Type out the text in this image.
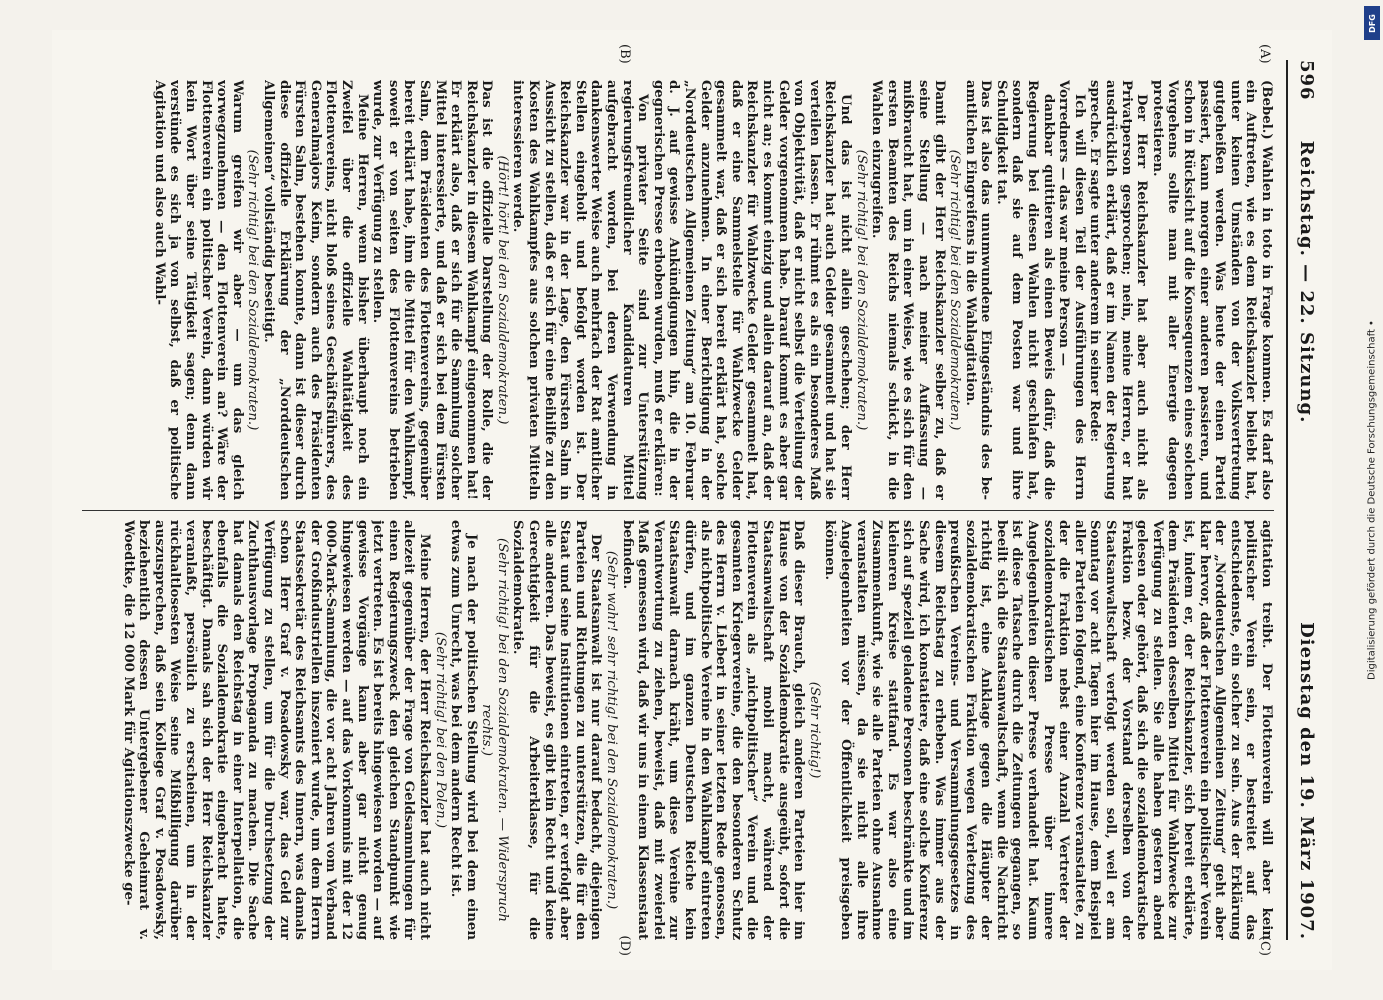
596
Reichstag. — 22. Sitzung.
Dienstag den 19. März 1907.
(A)
(B)
(C)
(D)

(Bebel.) Wahlen in toto in Frage kommen. Es darf also ein Auftreten, wie es dem Reichskanzler beliebt hat, unter keinen Umständen von der Volksvertretung gutgeheißen werden. Was heute der einen Partei passiert, kann morgen einer anderen passieren, und schon in Rücksicht auf die Konsequenzen eines solchen Vorgehens sollte man mit aller Energie dagegen protestieren.

Der Herr Reichskanzler hat aber auch nicht als Privatperson gesprochen; nein, meine Herren, er hat ausdrücklich erklärt, daß er im Namen der Regierung spreche. Er sagte unter anderem in seiner Rede:

Ich will diesen Teil der Ausführungen des Herrn Vorredners — das war meine Person —

dankbar quittieren als einen Beweis dafür, daß die Regierung bei diesen Wahlen nicht geschlafen hat, sondern daß sie auf dem Posten war und ihre Schuldigkeit tat.

Das ist also das unumwundene Eingeständnis des be- amtlichen Eingreifens in die Wahlagitation.

(Sehr richtig! bei den Sozialdemokraten.)

Damit gibt der Herr Reichskanzler selber zu, daß er seine Stellung — nach meiner Auffassung — mißbraucht hat, um in einer Weise, wie es sich für den ersten Beamten des Reichs niemals schickt, in die Wahlen einzugreifen.

(Sehr richtig! bei den Sozialdemokraten.)

Und das ist nicht allein geschehen; der Herr Reichskanzler hat auch Gelder gesammelt und hat sie verteilen lassen. Er rühmt es als ein besonderes Maß von Objektivität, daß er nicht selbst die Verteilung der Gelder vorgenommen habe. Darauf kommt es aber gar nicht an; es kommt einzig und allein darauf an, daß der Reichskanzler für Wahlzwecke Gelder gesammelt hat, daß er eine Sammelstelle für Wahlzwecke Gelder gesammelt war, daß er sich bereit erklärt hat, solche Gelder anzunehmen. In einer Berichtigung in der „Norddeutschen Allgemeinen Zeitung“ am 10. Februar d. J. auf gewisse Ankündigungen hin, die in der gegnerischen Presse erhoben wurden, muß er erklären:

Von privater Seite sind zur Unterstützung regierungsfreundlicher Kandidaturen Mittel aufgebracht worden, bei deren Verwendung in dankenswerter Weise auch mehrfach der Rat amtlicher Stellen eingeholt und befolgt worden ist. Der Reichskanzler war in der Lage, den Fürsten Salm in Aussicht zu stellen, daß er sich für eine Beihilfe zu den Kosten des Wahlkampfes aus solchen privaten Mitteln interessieren werde.

(Hört! hört! bei den Sozialdemokraten.)

Das ist die offizielle Darstellung der Rolle, die der Reichskanzler in diesem Wahlkampf eingenommen hat! Er erklärt also, daß er sich für die Sammlung solcher Mittel interessierte, und daß er sich bei dem Fürsten Salm, dem Präsidenten des Flottenvereins, gegenüber bereit erklärt habe, ihm die Mittel für den Wahlkampf, soweit er von seiten des Flottenvereins betrieben wurde, zur Verfügung zu stellen.

Meine Herren, wenn bisher überhaupt noch ein Zweifel über die offizielle Wahltätigkeit des Flottenvereins, nicht bloß seines Geschäftsführers, des Generalmajors Keim, sondern auch des Präsidenten Fürsten Salm, bestehen konnte, dann ist dieser durch diese offizielle Erklärung der „Norddeutschen Allgemeinen“ vollständig beseitigt.

(Sehr richtig! bei den Sozialdemokraten.)

Warum greifen wir aber — um das gleich vorwegzunehmen — den Flottenverein an? Wäre der Flottenverein ein politischer Verein, dann würden wir kein Wort über seine Tätigkeit sagen; denn dann verstünde es sich ja von selbst, daß er politische Agitation und also auch Wahl-

agitation treibt. Der Flottenverein will aber kein politischer Verein sein, er bestreitet auf das entschiedenste, ein solcher zu sein. Aus der Erklärung der „Norddeutschen Allgemeinen Zeitung“ geht aber klar hervor, daß der Flottenverein ein politischer Verein ist, indem er, der Reichskanzler, sich bereit erklärte, dem Präsidenten desselben Mittel für Wahlzwecke zur Verfügung zu stellen. Sie alle haben gestern abend gelesen oder gehört, daß sich die sozialdemokratische Fraktion bezw. der Vorstand derselben von der Staatsanwaltschaft verfolgt werden soll, weil er am Sonntag vor acht Tagen hier im Hause, dem Beispiel aller Parteien folgend, eine Konferenz veranstaltete, zu der die Fraktion nebst einer Anzahl Vertreter der sozialdemokratischen Presse über innere Angelegenheiten dieser Presse verhandelt hat. Kaum ist diese Tatsache durch die Zeitungen gegangen, so beeilt sich die Staatsanwaltschaft, wenn die Nachricht richtig ist, eine Anklage gegen die Häupter der sozialdemokratischen Fraktion wegen Verletzung des preußischen Vereins- und Versammlungsgesetzes in diesem Reichstag zu erheben. Was immer aus der Sache wird, ich konstatiere, daß eine solche Konferenz sich auf speziell geladene Personen beschränkte und im kleineren Kreise stattfand. Es war also eine Zusammenkunft, wie sie alle Parteien ohne Ausnahme veranstalten müssen, da sie nicht alle ihre Angelegenheiten vor der Öffentlichkeit preisgeben können.

(Sehr richtig!)

Daß dieser Brauch, gleich anderen Parteien hier im Hause von der Sozialdemokratie ausgeübt, sofort die Staatsanwaltschaft mobil macht, während der Flottenverein als „nichtpolitischer“ Verein und die gesamten Kriegervereine, die den besonderen Schutz des Herrn v. Liebert in seiner letzten Rede genossen, als nichtpolitische Vereine in den Wahlkampf eintreten dürfen, und im ganzen Deutschen Reiche kein Staatsanwalt darnach kräht, um diese Vereine zur Verantwortung zu ziehen, beweist, daß mit zweierlei Maß gemessen wird, daß wir uns in einem Klassenstaat befinden.

(Sehr wahr! sehr richtig! bei den Sozialdemokraten.)

Der Staatsanwalt ist nur darauf bedacht, diejenigen Parteien und Richtungen zu unterstützen, die für den Staat und seine Institutionen eintreten, er verfolgt aber alle anderen. Das beweist, es gibt kein Recht und keine Gerechtigkeit für die Arbeiterklasse, für die Sozialdemokratie.

(Sehr richtig! bei den Sozialdemokraten. — Widerspruch rechts.)

Je nach der politischen Stellung wird bei dem einen etwas zum Unrecht, was bei dem andern Recht ist.

(Sehr richtig! bei den Polen.)

Meine Herren, der Herr Reichskanzler hat auch nicht allezeit gegenüber der Frage von Geldsammlungen für einen Regierungszweck den gleichen Standpunkt wie jetzt vertreten. Es ist bereits hingewiesen worden — auf gewisse Vorgänge kann aber gar nicht genug hingewiesen werden — auf das Vorkommnis mit der 12 000-Mark-Sammlung, die vor acht Jahren vom Verband der Großindustriellen inszeniert wurde, um dem Herrn Staatssekretär des Reichsamts des Innern, was damals schon Herr Graf v. Posadowsky war, das Geld zur Verfügung zu stellen, um für die Durchsetzung der Zuchthausvorlage Propaganda zu machen. Die Sache hat damals den Reichstag in einer Interpellation, die ebenfalls die Sozialdemokratie eingebracht hatte, beschäftigt. Damals sah sich der Herr Reichskanzler veranlaßt, persönlich zu erscheinen, um in der rückhaltlosesten Weise seine Mißbilligung darüber auszusprechen, daß sein Kollege Graf v. Posadowsky, beziehentlich dessen Untergebener Geheimrat v. Woedtke, die 12 000 Mark für Agitationszwecke ge-

DFG
Digitalisierung gefördert durch die Deutsche Forschungsgemeinschaft •
